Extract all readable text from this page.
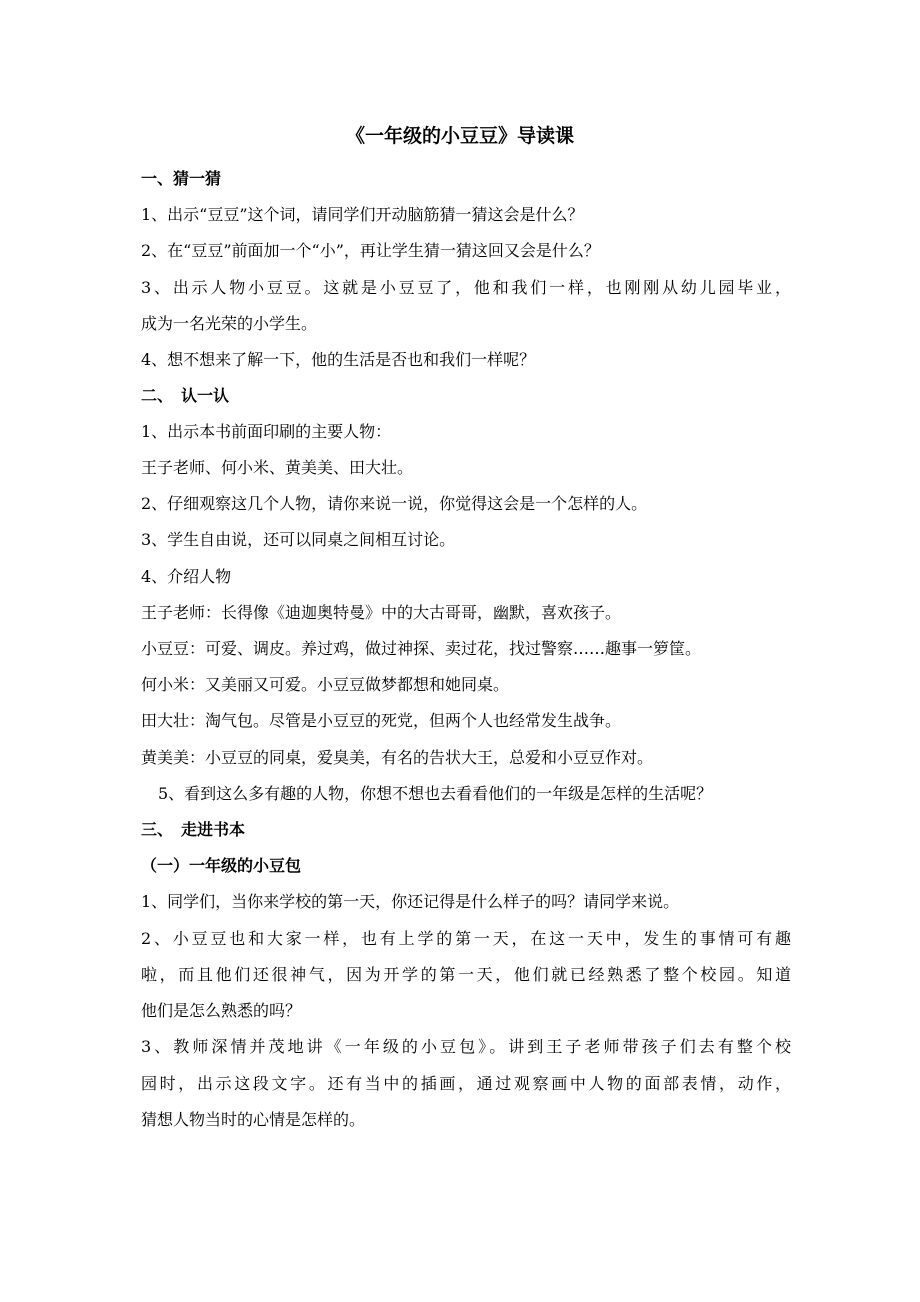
《一年级的小豆豆》导读课
一、猜一猜
1、出示“豆豆”这个词，请同学们开动脑筋猜一猜这会是什么？
2、在“豆豆”前面加一个“小”，再让学生猜一猜这回又会是什么？
3、出示人物小豆豆。这就是小豆豆了，他和我们一样，也刚刚从幼儿园毕业，
成为一名光荣的小学生。
4、想不想来了解一下，他的生活是否也和我们一样呢？
二、　认一认
1、出示本书前面印刷的主要人物：
王子老师、何小米、黄美美、田大壮。
2、仔细观察这几个人物，请你来说一说，你觉得这会是一个怎样的人。
3、学生自由说，还可以同桌之间相互讨论。
4、介绍人物
王子老师：长得像《迪迦奥特曼》中的大古哥哥，幽默，喜欢孩子。
小豆豆：可爱、调皮。养过鸡，做过神探、卖过花，找过警察……趣事一箩筐。
何小米：又美丽又可爱。小豆豆做梦都想和她同桌。
田大壮：淘气包。尽管是小豆豆的死党，但两个人也经常发生战争。
黄美美：小豆豆的同桌，爱臭美，有名的告状大王，总爱和小豆豆作对。
5、看到这么多有趣的人物，你想不想也去看看他们的一年级是怎样的生活呢？
三、　走进书本
（一）一年级的小豆包
1、同学们，当你来学校的第一天，你还记得是什么样子的吗？请同学来说。
2、小豆豆也和大家一样，也有上学的第一天，在这一天中，发生的事情可有趣
啦，而且他们还很神气，因为开学的第一天，他们就已经熟悉了整个校园。知道
他们是怎么熟悉的吗？
3、教师深情并茂地讲《一年级的小豆包》。讲到王子老师带孩子们去有整个校
园时，出示这段文字。还有当中的插画，通过观察画中人物的面部表情，动作，
猜想人物当时的心情是怎样的。
